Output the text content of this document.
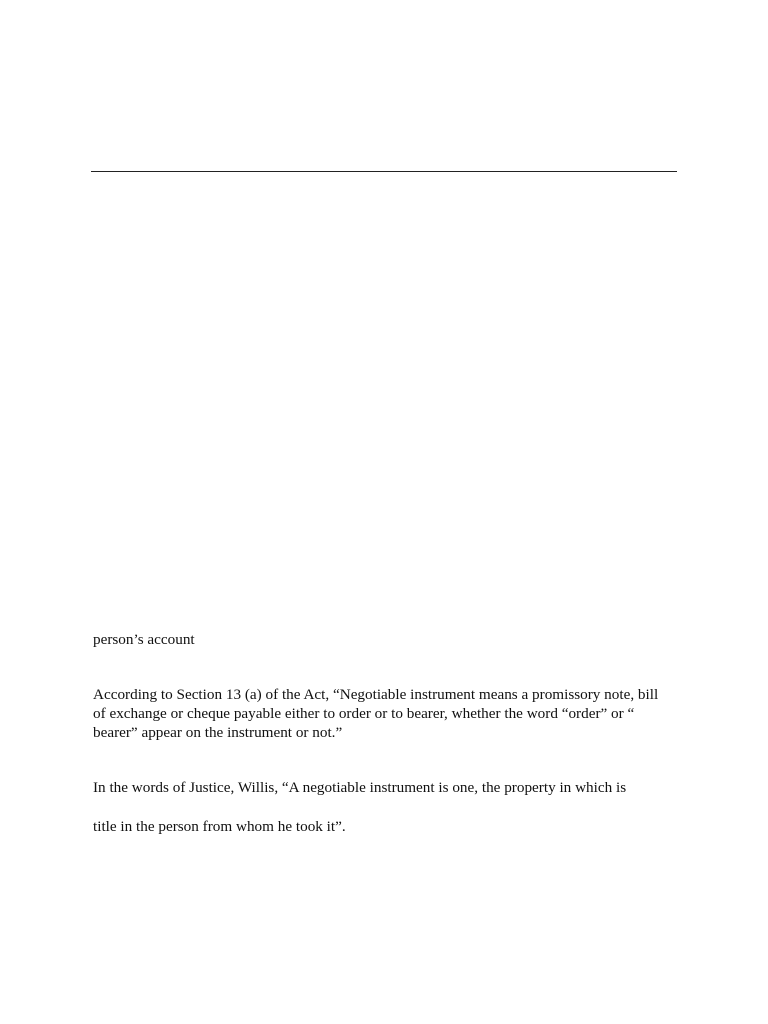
person’s account
According to Section 13 (a) of the Act, “Negotiable instrument means a promissory note, bill
of exchange or cheque payable either to order or to bearer, whether the word “order” or “
bearer” appear on the instrument or not.”
In the words of Justice, Willis, “A negotiable instrument is one, the property in which is
title in the person from whom he took it”.
